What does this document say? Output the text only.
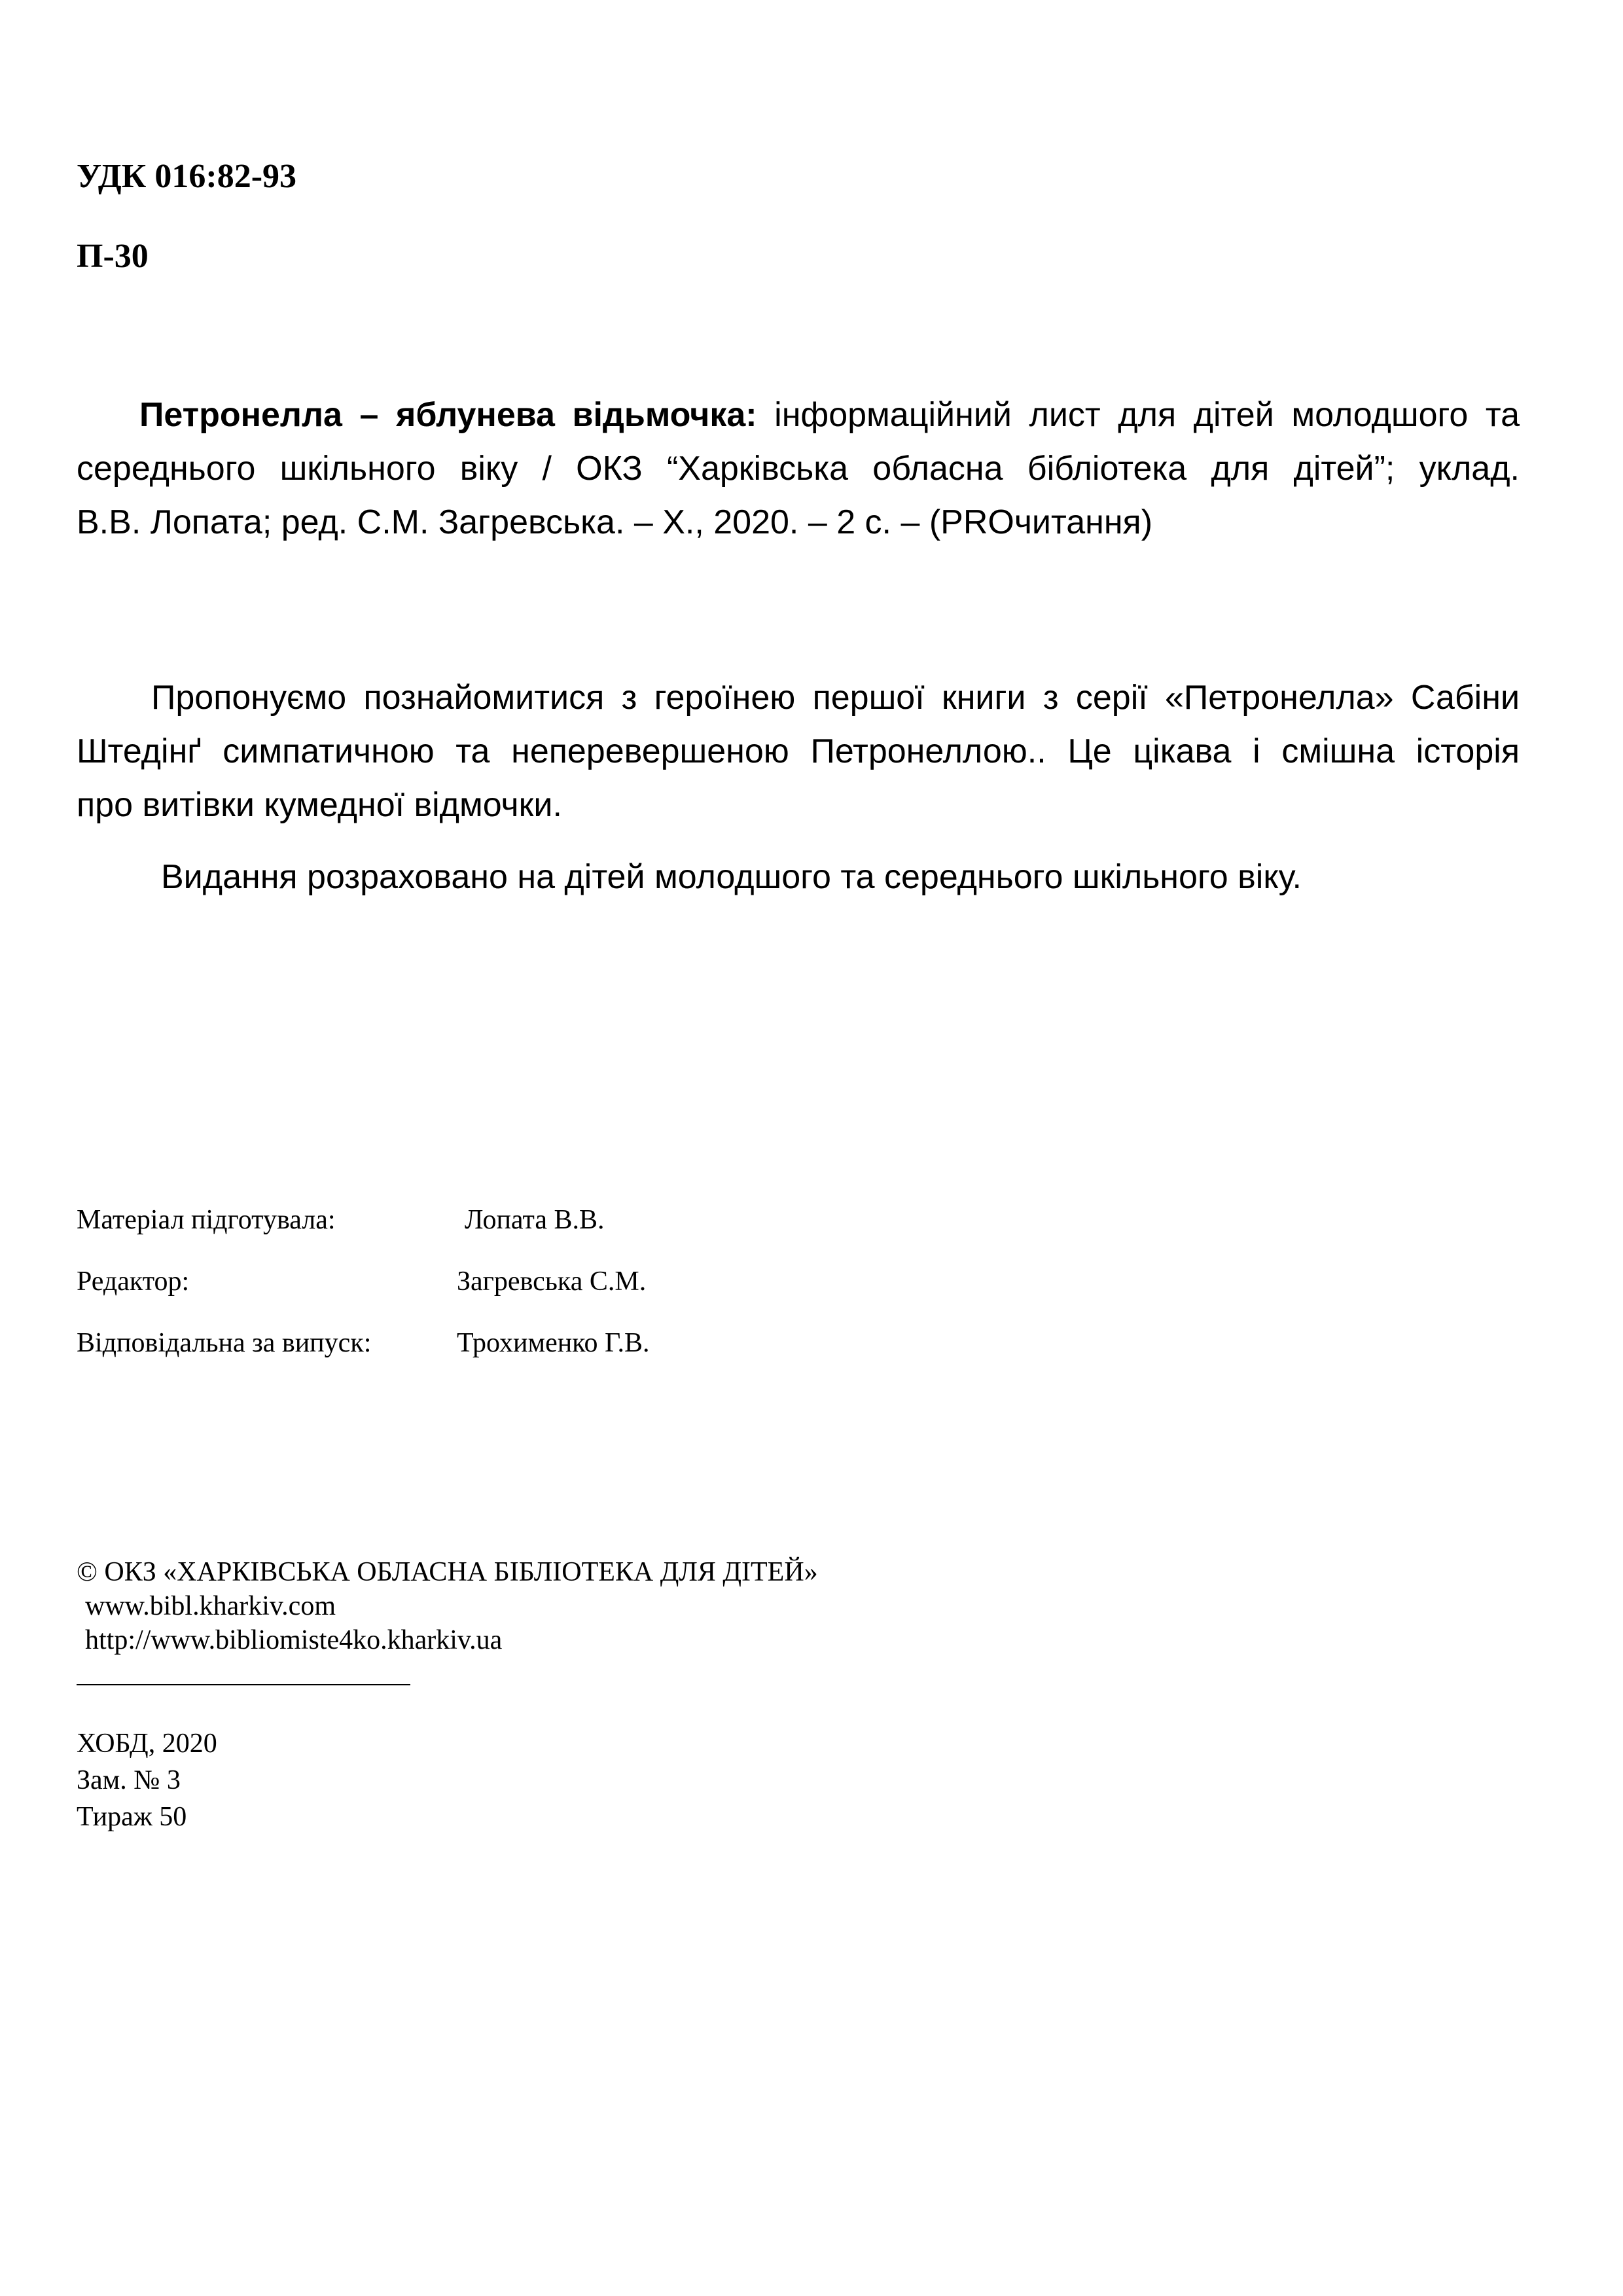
УДК 016:82-93
П-30
Петронелла – яблунева відьмочка: інформаційний лист для дітей молодшого та
середнього шкільного віку / ОКЗ “Харківська обласна бібліотека для дітей”; уклад.
В.В. Лопата; ред. С.М. Загревська. – Х., 2020. – 2 с. – (PROчитання)
Пропонуємо познайомитися з героїнею першої книги з серії «Петронелла» Сабіни
Штедінґ симпатичною та неперевершеною Петронеллою.. Це цікава і смішна історія
про витівки кумедної відмочки.
Видання розраховано на дітей молодшого та середнього шкільного віку.
Матеріал підготувала:	Лопата В.В.
Редактор:	Загревська С.М.
Відповідальна за випуск:	Трохименко Г.В.
© ОКЗ «ХАРКІВСЬКА ОБЛАСНА БІБЛІОТЕКА ДЛЯ ДІТЕЙ»
www.bibl.kharkiv.com
http://www.bibliomiste4ko.kharkiv.ua
ХОБД, 2020
Зам. № 3
Тираж 50
